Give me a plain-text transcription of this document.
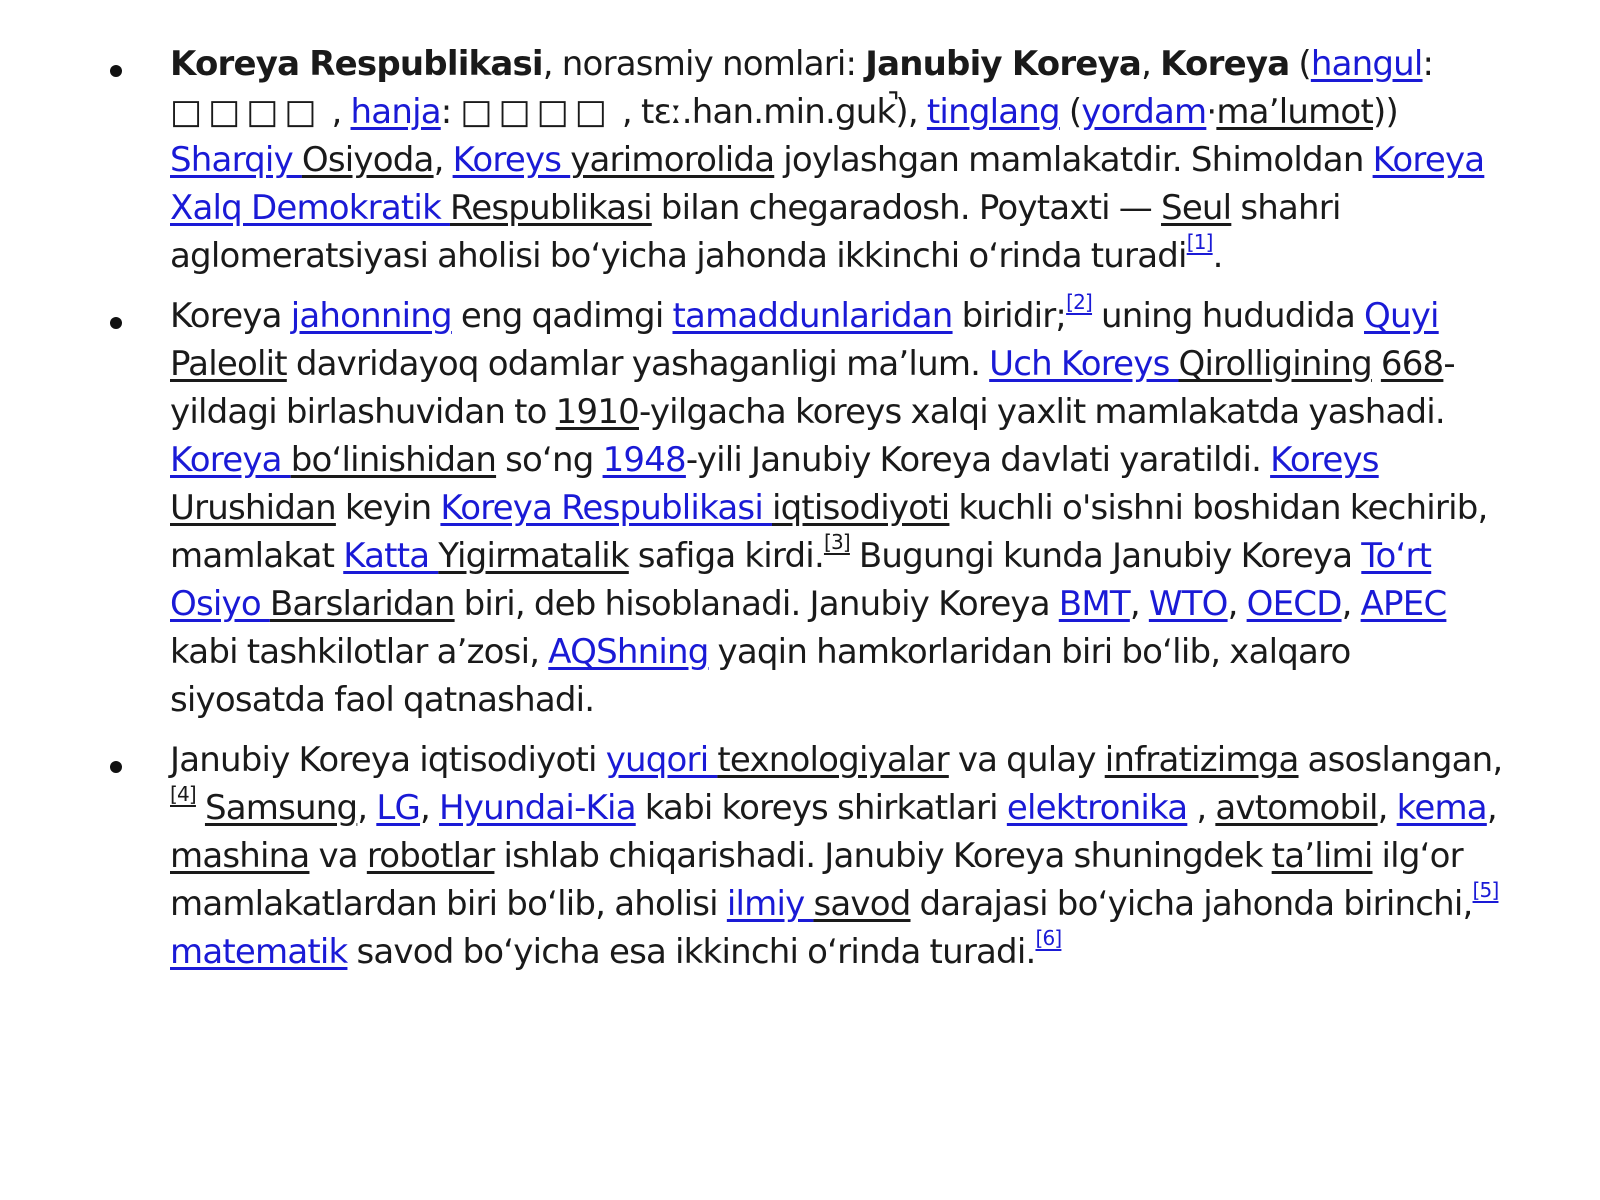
Koreya Respublikasi, norasmiy nomlari: Janubiy Koreya, Koreya (hangul: □□□□ , hanja: □□□□ , tɛː.han.min.guk̚), tinglang (yordam·ma’lumot)) Sharqiy Osiyoda, Koreys yarimorolida joylashgan mamlakatdir. Shimoldan Koreya Xalq Demokratik Respublikasi bilan chegaradosh. Poytaxti — Seul shahri aglomeratsiyasi aholisi boʻyicha jahonda ikkinchi oʻrinda turadi[1].

Koreya jahonning eng qadimgi tamaddunlaridan biridir;[2] uning hududida Quyi Paleolit davridayoq odamlar yashaganligi ma’lum. Uch Koreys Qirolligining 668-yildagi birlashuvidan to 1910-yilgacha koreys xalqi yaxlit mamlakatda yashadi. Koreya boʻlinishidan soʻng 1948-yili Janubiy Koreya davlati yaratildi. Koreys Urushidan keyin Koreya Respublikasi iqtisodiyoti kuchli o'sishni boshidan kechirib, mamlakat Katta Yigirmatalik safiga kirdi.[3] Bugungi kunda Janubiy Koreya Toʻrt Osiyo Barslaridan biri, deb hisoblanadi. Janubiy Koreya BMT, WTO, OECD, APEC kabi tashkilotlar a’zosi, AQShning yaqin hamkorlaridan biri boʻlib, xalqaro siyosatda faol qatnashadi.

Janubiy Koreya iqtisodiyoti yuqori texnologiyalar va qulay infratizimga asoslangan,[4] Samsung, LG, Hyundai-Kia kabi koreys shirkatlari elektronika , avtomobil, kema, mashina va robotlar ishlab chiqarishadi. Janubiy Koreya shuningdek ta’limi ilgʻor mamlakatlardan biri boʻlib, aholisi ilmiy savod darajasi boʻyicha jahonda birinchi,[5] matematik savod boʻyicha esa ikkinchi oʻrinda turadi.[6]
